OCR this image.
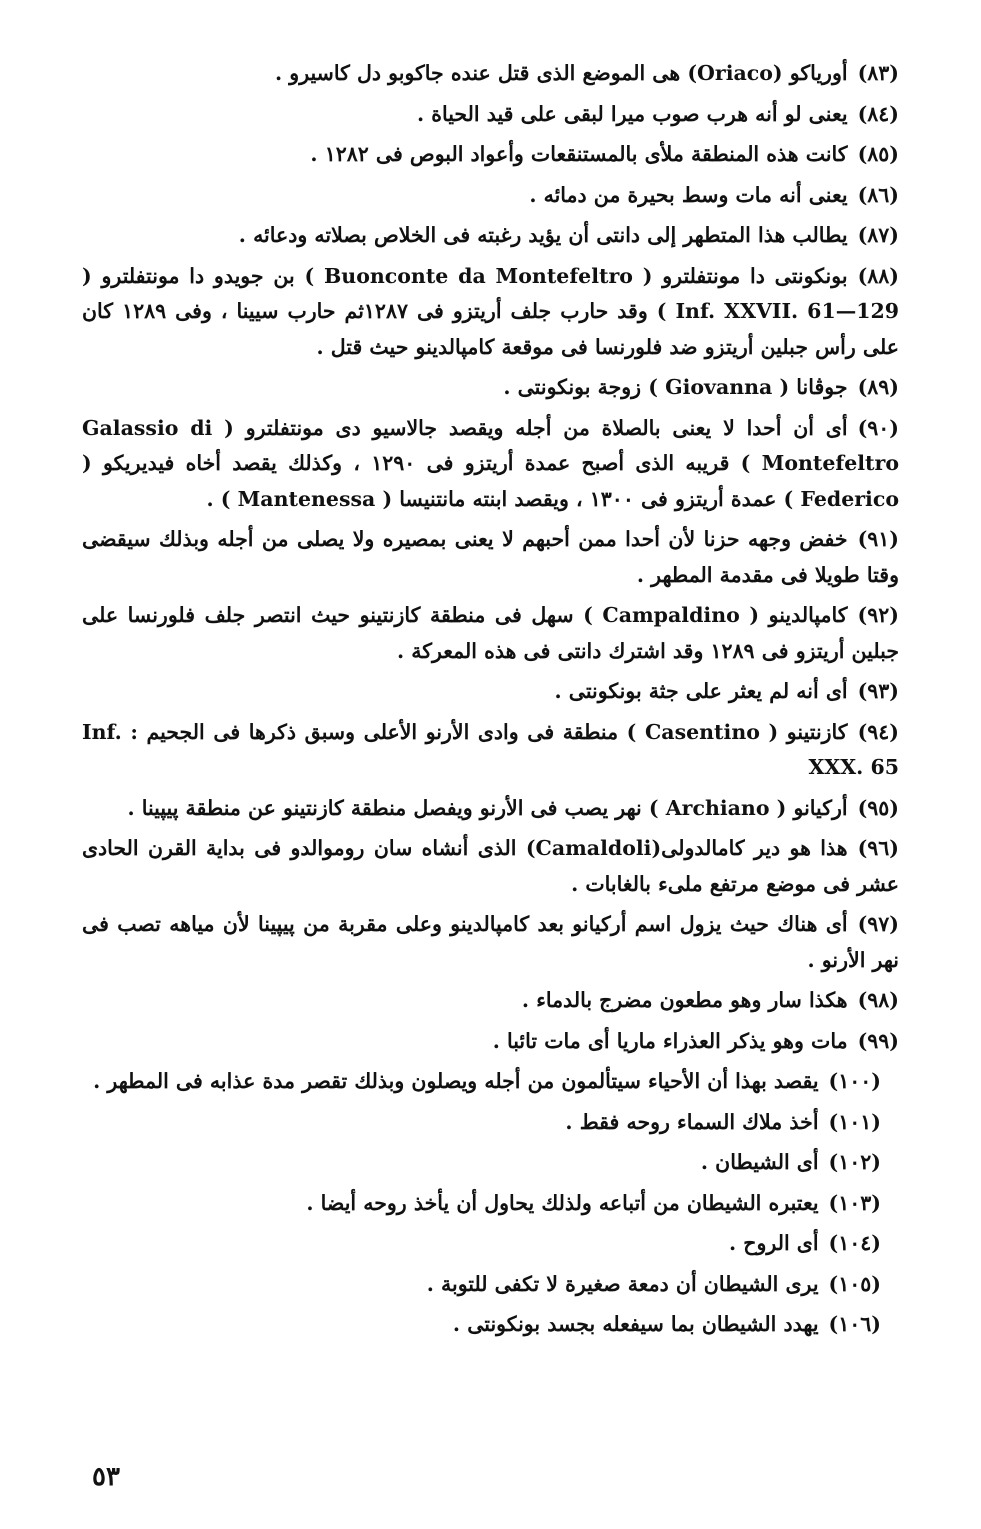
(٨٣)أورياكو (Oriaco) هى الموضع الذى قتل عنده جاكوبو دل كاسيرو .

(٨٤)يعنى لو أنه هرب صوب ميرا لبقى على قيد الحياة .

(٨٥)كانت هذه المنطقة ملأى بالمستنقعات وأعواد البوص فى ١٢٨٢ .

(٨٦)يعنى أنه مات وسط بحيرة من دمائه .

(٨٧)يطالب هذا المتطهر إلى دانتى أن يؤيد رغبته فى الخلاص بصلاته ودعائه .

(٨٨)بونكونتى دا مونتفلترو ( Buonconte da Montefeltro ) بن جويدو دا مونتفلترو ( Inf. XXVII. 61—129 ) وقد حارب جلف أريتزو فى ١٢٨٧ثم حارب سيينا ، وفى ١٢٨٩ كان على رأس جبلين أريتزو ضد فلورنسا فى موقعة كامپالدينو حيث قتل .

(٨٩)جوڤانا ( Giovanna ) زوجة بونكونتى .

(٩٠)أى أن أحدا لا يعنى بالصلاة من أجله ويقصد جالاسيو دى مونتفلترو ( Galassio di Montefeltro ) قريبه الذى أصبح عمدة أريتزو فى ١٢٩٠ ، وكذلك يقصد أخاه فيديريكو ( Federico ) عمدة أريتزو فى ١٣٠٠ ، ويقصد ابنته مانتنيسا ( Mantenessa ) .

(٩١)خفض وجهه حزنا لأن أحدا ممن أحبهم لا يعنى بمصيره ولا يصلى من أجله وبذلك سيقضى وقتا طويلا فى مقدمة المطهر .

(٩٢)كامپالدينو ( Campaldino ) سهل فى منطقة كازنتينو حيث انتصر جلف فلورنسا على جبلين أريتزو فى ١٢٨٩ وقد اشترك دانتى فى هذه المعركة .

(٩٣)أى أنه لم يعثر على جثة بونكونتى .

(٩٤)كازنتينو ( Casentino ) منطقة فى وادى الأرنو الأعلى وسبق ذكرها فى الجحيم : Inf. XXX. 65

(٩٥)أركيانو ( Archiano ) نهر يصب فى الأرنو ويفصل منطقة كازنتينو عن منطقة پيپينا .

(٩٦)هذا هو دير كامالدولى(Camaldoli) الذى أنشاه سان روموالدو فى بداية القرن الحادى عشر فى موضع مرتفع ملىء بالغابات .

(٩٧)أى هناك حيث يزول اسم أركيانو بعد كامپالدينو وعلى مقربة من پيپينا لأن مياهه تصب فى نهر الأرنو .

(٩٨)هكذا سار وهو مطعون مضرج بالدماء .

(٩٩)مات وهو يذكر العذراء ماريا أى مات تائبا .

(١٠٠)يقصد بهذا أن الأحياء سيتألمون من أجله ويصلون وبذلك تقصر مدة عذابه فى المطهر .

(١٠١)أخذ ملاك السماء روحه فقط .

(١٠٢)أى الشيطان .

(١٠٣)يعتبره الشيطان من أتباعه ولذلك يحاول أن يأخذ روحه أيضا .

(١٠٤)أى الروح .

(١٠٥)يرى الشيطان أن دمعة صغيرة لا تكفى للتوبة .

(١٠٦)يهدد الشيطان بما سيفعله بجسد بونكونتى .

٥٣
